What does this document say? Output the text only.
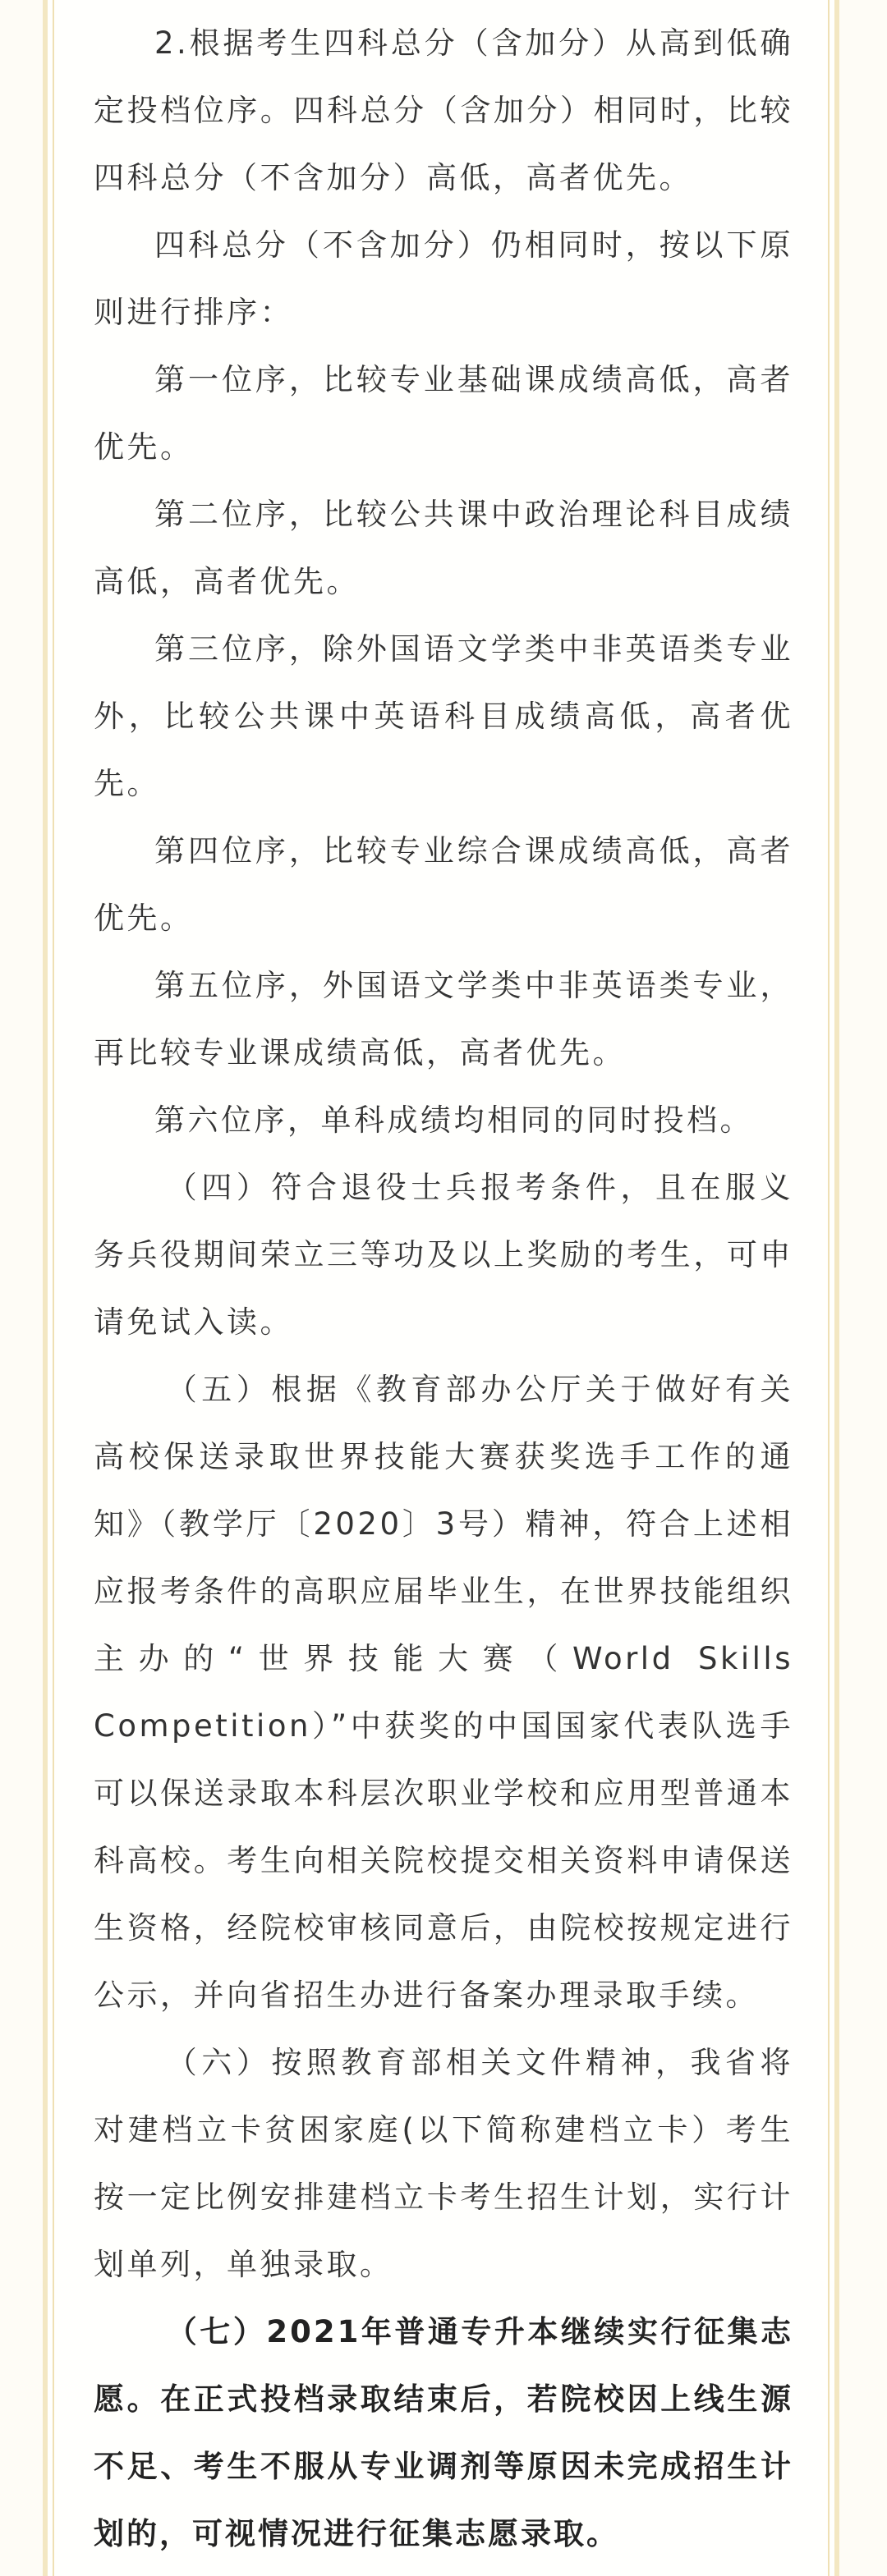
2.根据考生四科总分（含加分）从高到低确定投档位序。四科总分（含加分）相同时，比较四科总分（不含加分）高低，高者优先。

四科总分（不含加分）仍相同时，按以下原则进行排序：

第一位序，比较专业基础课成绩高低，高者优先。

第二位序，比较公共课中政治理论科目成绩高低，高者优先。

第三位序，除外国语文学类中非英语类专业外，比较公共课中英语科目成绩高低，高者优先。

第四位序，比较专业综合课成绩高低，高者优先。

第五位序，外国语文学类中非英语类专业，再比较专业课成绩高低，高者优先。

第六位序，单科成绩均相同的同时投档。

（四）符合退役士兵报考条件，且在服义务兵役期间荣立三等功及以上奖励的考生，可申请免试入读。

（五）根据《教育部办公厅关于做好有关高校保送录取世界技能大赛获奖选手工作的通知》（教学厅〔2020〕3号）精神，符合上述相应报考条件的高职应届毕业生，在世界技能组织主办的“世界技能大赛（World Skills Competition）”中获奖的中国国家代表队选手可以保送录取本科层次职业学校和应用型普通本科高校。考生向相关院校提交相关资料申请保送生资格，经院校审核同意后，由院校按规定进行公示，并向省招生办进行备案办理录取手续。

（六）按照教育部相关文件精神，我省将对建档立卡贫困家庭(以下简称建档立卡）考生按一定比例安排建档立卡考生招生计划，实行计划单列，单独录取。

（七）2021年普通专升本继续实行征集志愿。在正式投档录取结束后，若院校因上线生源不足、考生不服从专业调剂等原因未完成招生计划的，可视情况进行征集志愿录取。
